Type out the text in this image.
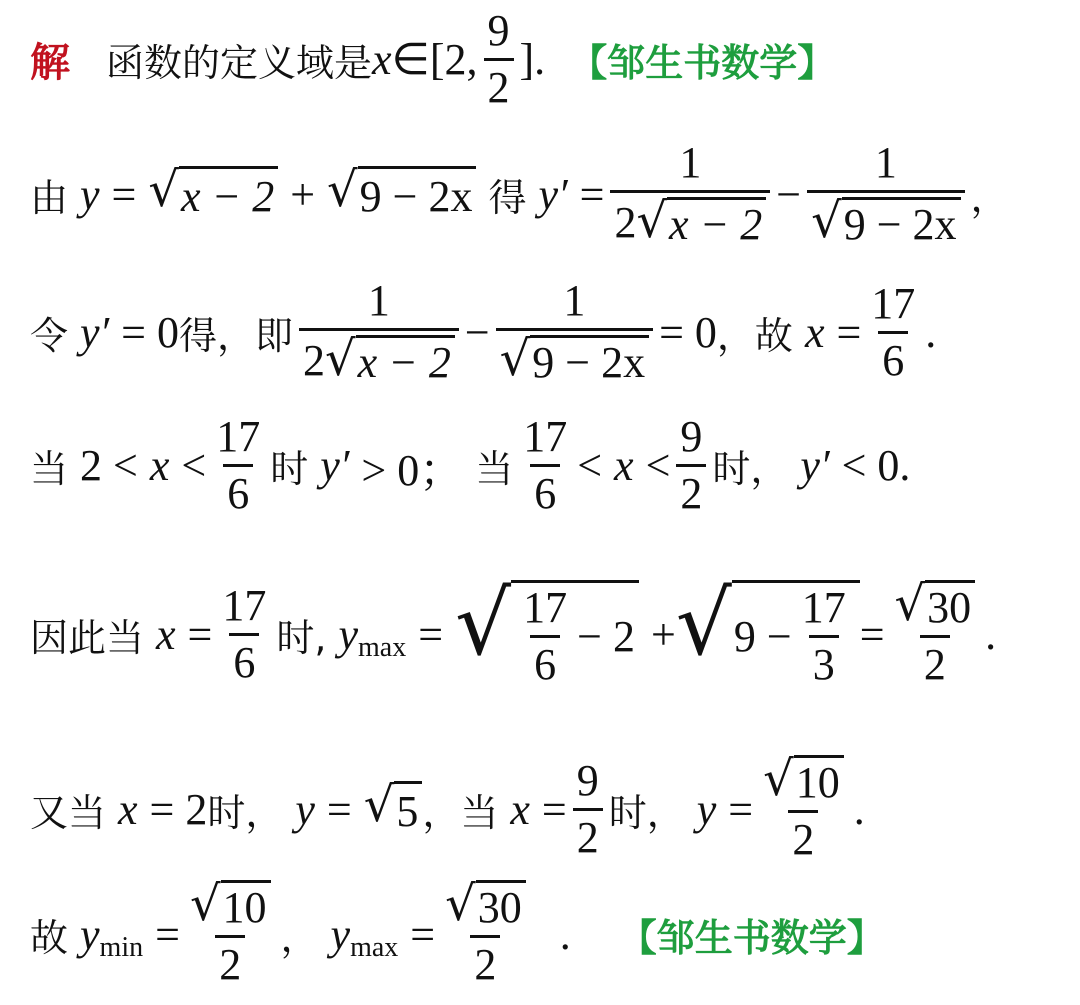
解 函数的定义域是 x ∈ [2, $\frac{9}{2}$ ]. 【邹生书数学】
由 y = √ x − 2 + √ 9 − 2x 得 $y' = \frac{1}{2 √ x - 2} - \frac{1}{√ 9 - 2x}$ ，
令 y′ = 0 得，即 $\frac{1}{2 √ x - 2} - \frac{1}{√ 9 - 2x} = 0$ ，故 $x = \frac{17}{6}$ .
当 $2 < x < \frac{17}{6}$ 时 y′ > 0； 当 $\frac{17}{6} < x < \frac{9}{2}$ 时， y′ < 0.
因此当 $x = \frac{17}{6}$ 时, y max = √ $\frac{17}{6} - 2$ + √ $9 - \frac{17}{3} = \frac{√ 30}{2}$ .
又当 x = 2 时， y = √ 5 ，当 $x = \frac{9}{2}$ 时， $y = \frac{√ 10}{2}$ .
故 y $\min = \frac{√ 10}{2}$ ， y $\max = \frac{√ 30}{2}$ . 【邹生书数学】
